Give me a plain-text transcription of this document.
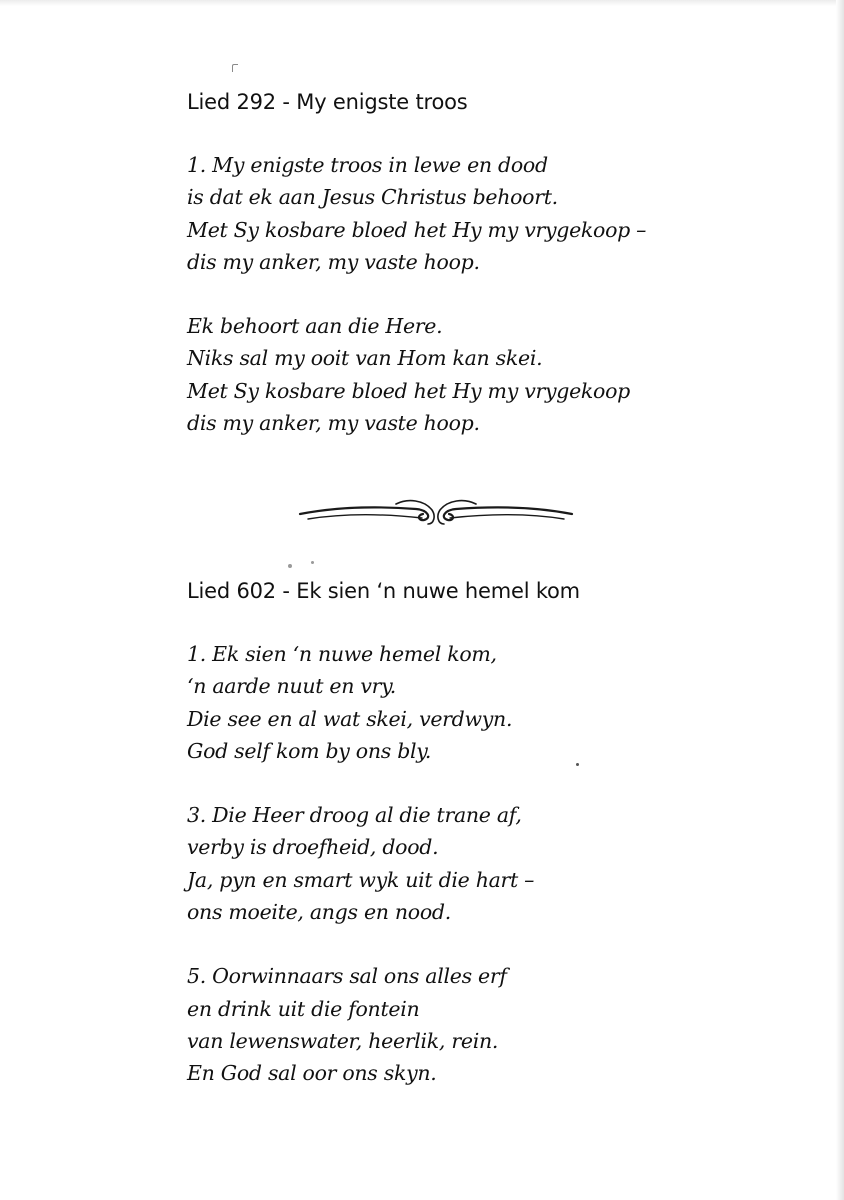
Lied 292 - My enigste troos

1. My enigste troos in lewe en dood
is dat ek aan Jesus Christus behoort.
Met Sy kosbare bloed het Hy my vrygekoop –
dis my anker, my vaste hoop.

Ek behoort aan die Here.
Niks sal my ooit van Hom kan skei.
Met Sy kosbare bloed het Hy my vrygekoop
dis my anker, my vaste hoop.

Lied 602 - Ek sien ‘n nuwe hemel kom

1. Ek sien ‘n nuwe hemel kom,
‘n aarde nuut en vry.
Die see en al wat skei, verdwyn.
God self kom by ons bly.

3. Die Heer droog al die trane af,
verby is droefheid, dood.
Ja, pyn en smart wyk uit die hart –
ons moeite, angs en nood.

5. Oorwinnaars sal ons alles erf
en drink uit die fontein
van lewenswater, heerlik, rein.
En God sal oor ons skyn.
